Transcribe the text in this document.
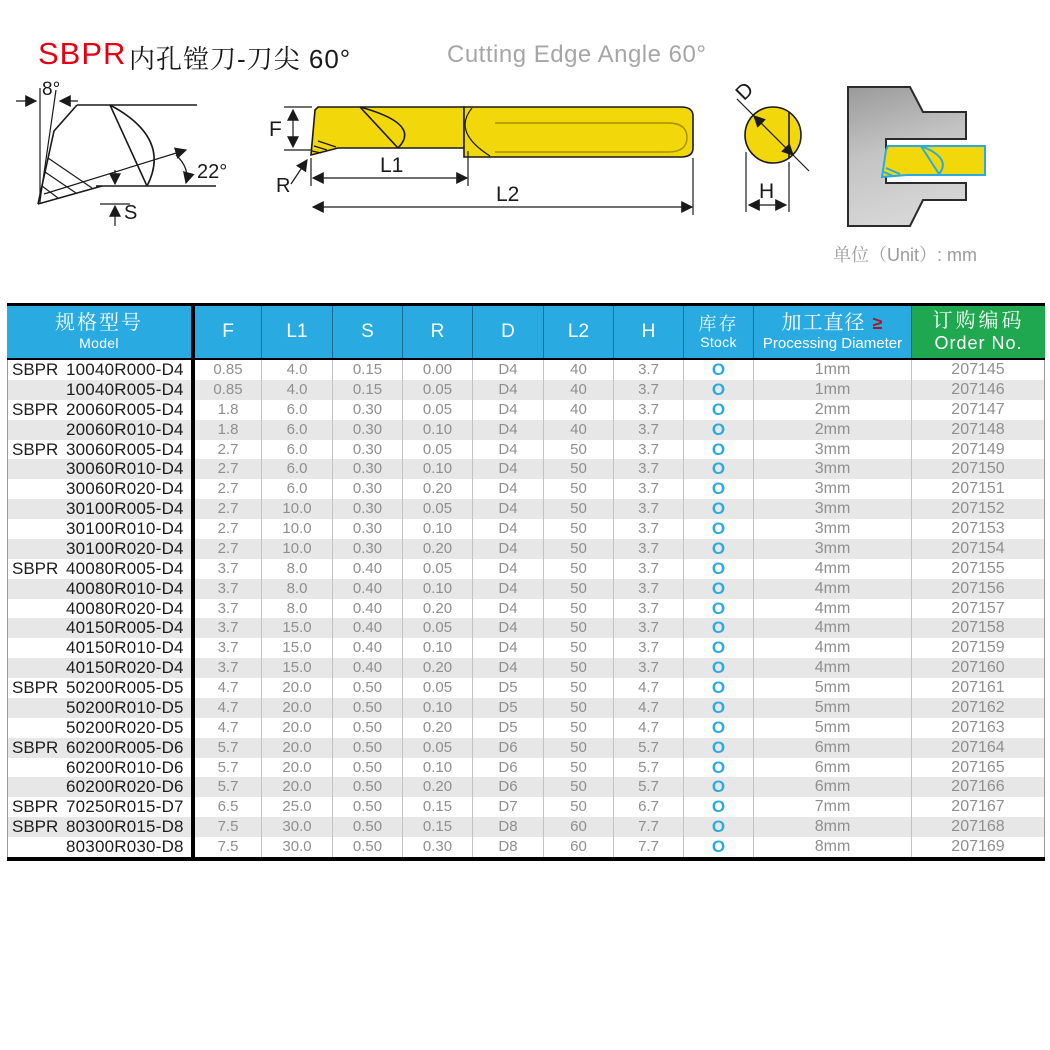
SBPR 内孔镗刀-刀尖 60°	Cutting Edge Angle 60°
单位（Unit）: mm
8°
22°
S
F
R
L1
L2
D
H
规格型号
Model
F	L1	S	R	D	L2	H 库存
Stock
加工直径 ≥
Processing Diameter
订购编码
Order No.
SBPR 10040R000-D4	0.85	4.0	0.15	0.00	D4	40	3.7	O	1mm	207145
10040R005-D4	0.85	4.0	0.15	0.05	D4	40	3.7	O	1mm	207146
SBPR 20060R005-D4	1.8	6.0	0.30	0.05	D4	40	3.7	O	2mm	207147
20060R010-D4	1.8	6.0	0.30	0.10	D4	40	3.7	O	2mm	207148
SBPR 30060R005-D4	2.7	6.0	0.30	0.05	D4	50	3.7	O	3mm	207149
30060R010-D4	2.7	6.0	0.30	0.10	D4	50	3.7	O	3mm	207150
30060R020-D4	2.7	6.0	0.30	0.20	D4	50	3.7	O	3mm	207151
30100R005-D4	2.7	10.0	0.30	0.05	D4	50	3.7	O	3mm	207152
30100R010-D4	2.7	10.0	0.30	0.10	D4	50	3.7	O	3mm	207153
30100R020-D4	2.7	10.0	0.30	0.20	D4	50	3.7	O	3mm	207154
SBPR 40080R005-D4	3.7	8.0	0.40	0.05	D4	50	3.7	O	4mm	207155
40080R010-D4	3.7	8.0	0.40	0.10	D4	50	3.7	O	4mm	207156
40080R020-D4	3.7	8.0	0.40	0.20	D4	50	3.7	O	4mm	207157
40150R005-D4	3.7	15.0	0.40	0.05	D4	50	3.7	O	4mm	207158
40150R010-D4	3.7	15.0	0.40	0.10	D4	50	3.7	O	4mm	207159
40150R020-D4	3.7	15.0	0.40	0.20	D4	50	3.7	O	4mm	207160
SBPR 50200R005-D5	4.7	20.0	0.50	0.05	D5	50	4.7	O	5mm	207161
50200R010-D5	4.7	20.0	0.50	0.10	D5	50	4.7	O	5mm	207162
50200R020-D5	4.7	20.0	0.50	0.20	D5	50	4.7	O	5mm	207163
SBPR 60200R005-D6	5.7	20.0	0.50	0.05	D6	50	5.7	O	6mm	207164
60200R010-D6	5.7	20.0	0.50	0.10	D6	50	5.7	O	6mm	207165
60200R020-D6	5.7	20.0	0.50	0.20	D6	50	5.7	O	6mm	207166
SBPR 70250R015-D7	6.5	25.0	0.50	0.15	D7	50	6.7	O	7mm	207167
SBPR 80300R015-D8	7.5	30.0	0.50	0.15	D8	60	7.7	O	8mm	207168
80300R030-D8	7.5	30.0	0.50	0.30	D8	60	7.7	O	8mm	207169
